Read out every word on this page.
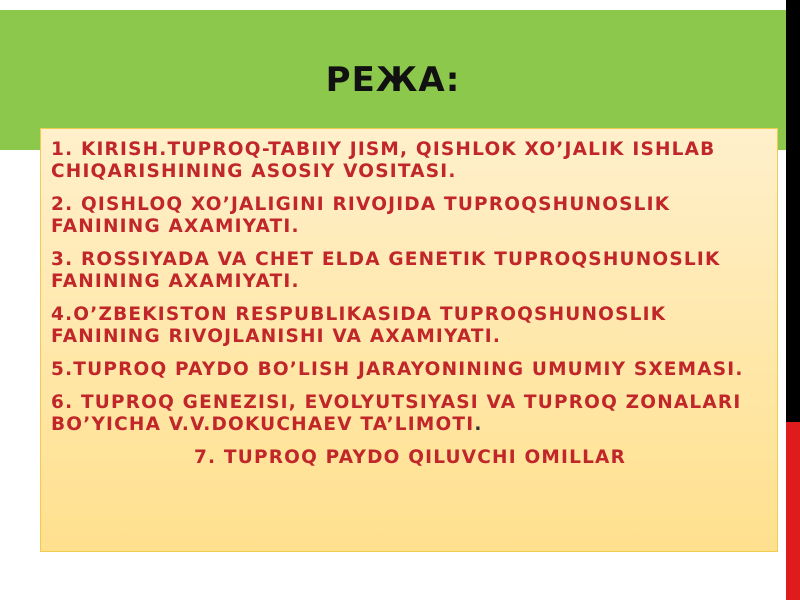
РЕЖА:

1. KIRISH.TUPROQ-TABIIY JISM, QISHLOK XO’JALIK ISHLAB CHIQARISHINING ASOSIY VOSITASI.

2. QISHLOQ XO’JALIGINI RIVOJIDA TUPROQSHUNOSLIK FANINING AXAMIYATI.

3. ROSSIYADA VA CHET ELDA GENETIK TUPROQSHUNOSLIK FANINING AXAMIYATI.

4.O’ZBEKISTON RESPUBLIKASIDA TUPROQSHUNOSLIK FANINING RIVOJLANISHI VA AXAMIYATI.

5.TUPROQ PAYDO BO’LISH JARAYONINING UMUMIY SXEMASI.

6. TUPROQ GENEZISI, EVOLYUTSIYASI VA TUPROQ ZONALARI BO’YICHA V.V.DOKUCHAEV TA’LIMOTI.

7. TUPROQ PAYDO QILUVCHI OMILLAR
